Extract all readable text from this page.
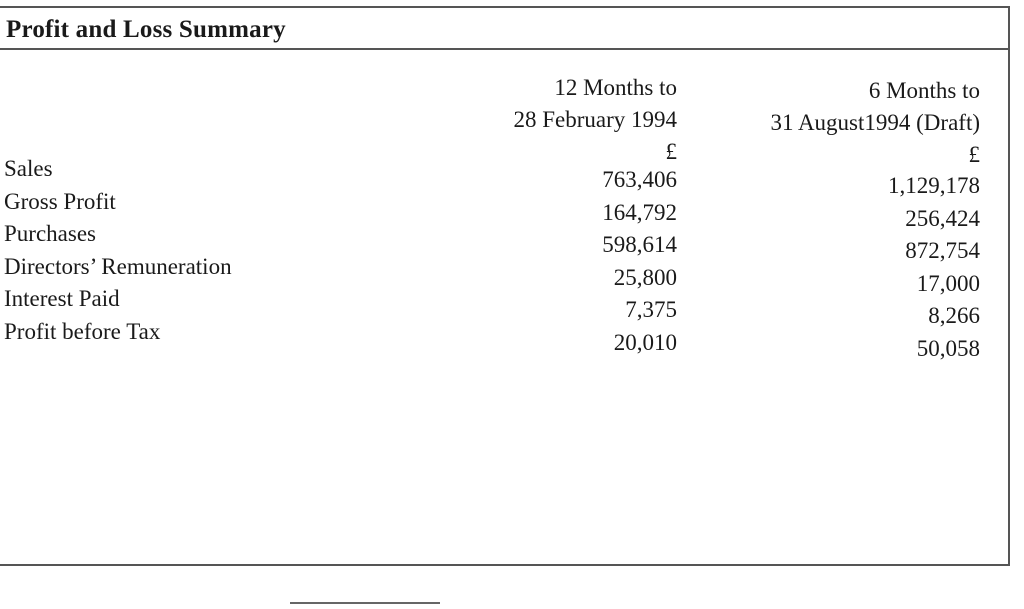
Profit and Loss Summary
12 Months to
28 February 1994
£
6 Months to
31 August1994 (Draft)
£
Sales
Gross Profit
Purchases
Directors’ Remuneration
Interest Paid
Profit before Tax
763,406
164,792
598,614
25,800
7,375
20,010
1,129,178
256,424
872,754
17,000
8,266
50,058
